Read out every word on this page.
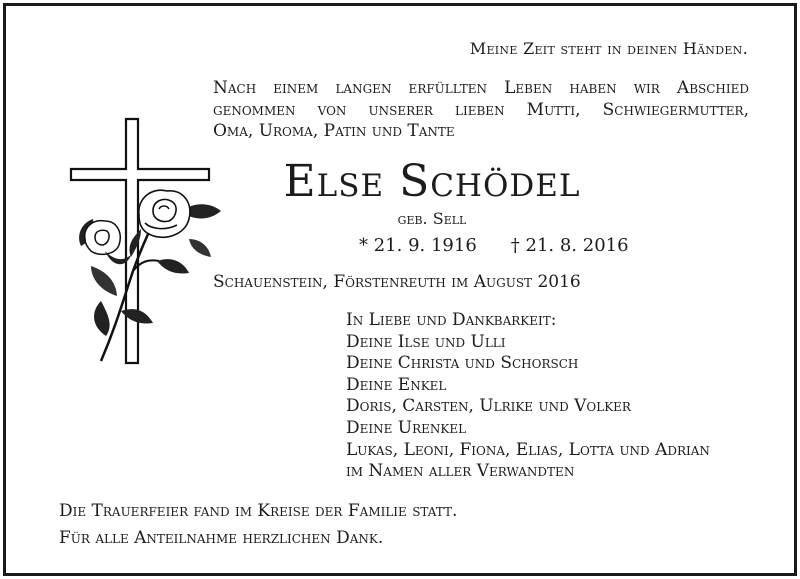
Meine Zeit steht in deinen Händen.
Nach einem langen erfüllten Leben haben wir Abschied
genommen von unserer lieben Mutti, Schwiegermutter,
Oma, Uroma, Patin und Tante
Else Schödel
geb. Sell
* 21. 9. 1916 † 21. 8. 2016
Schauenstein, Förstenreuth im August 2016
In Liebe und Dankbarkeit:
Deine Ilse und Ulli
Deine Christa und Schorsch
Deine Enkel
Doris, Carsten, Ulrike und Volker
Deine Urenkel
Lukas, Leoni, Fiona, Elias, Lotta und Adrian
im Namen aller Verwandten
Die Trauerfeier fand im Kreise der Familie statt.
Für alle Anteilnahme herzlichen Dank.
